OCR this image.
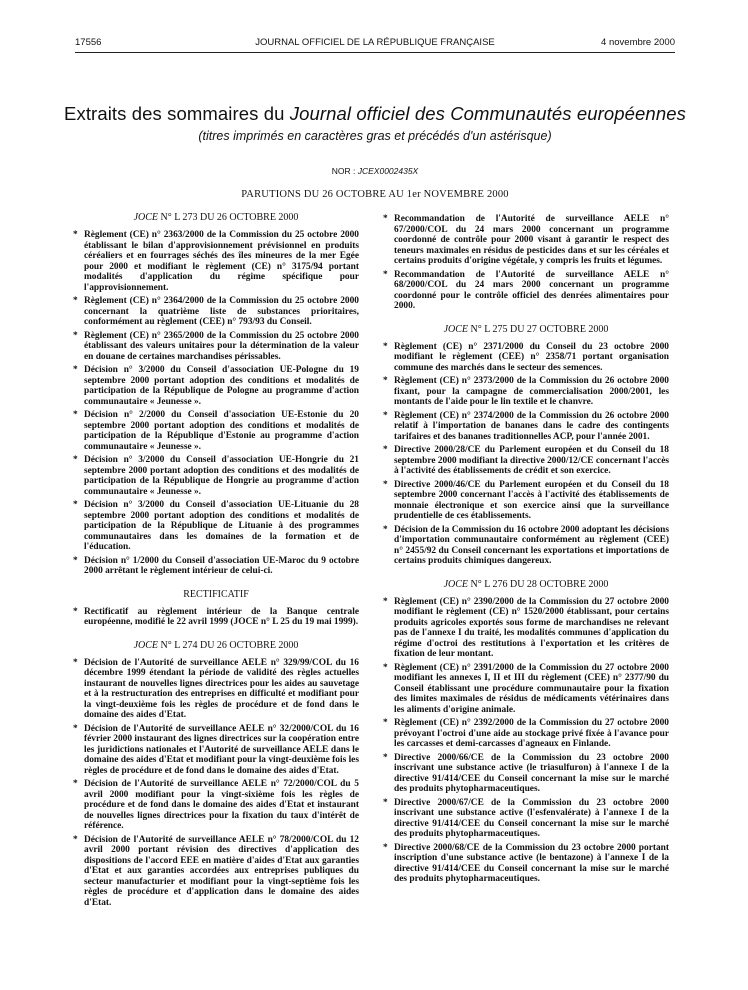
17556	JOURNAL OFFICIEL DE LA RÉPUBLIQUE FRANÇAISE	4 novembre 2000
Extraits des sommaires du Journal officiel des Communautés européennes
(titres imprimés en caractères gras et précédés d'un astérisque)
NOR : JCEX0002435X
PARUTIONS DU 26 OCTOBRE AU 1er NOVEMBRE 2000
JOCE N° L 273 DU 26 OCTOBRE 2000
* Règlement (CE) n° 2363/2000 de la Commission du 25 octobre 2000 établissant le bilan d'approvisionnement prévisionnel en produits céréaliers et en fourrages séchés des îles mineures de la mer Egée pour 2000 et modifiant le règlement (CE) n° 3175/94 portant modalités d'application du régime spécifique pour l'approvisionnement.
* Règlement (CE) n° 2364/2000 de la Commission du 25 octobre 2000 concernant la quatrième liste de substances prioritaires, conformément au règlement (CEE) n° 793/93 du Conseil.
* Règlement (CE) n° 2365/2000 de la Commission du 25 octobre 2000 établissant des valeurs unitaires pour la détermination de la valeur en douane de certaines marchandises périssables.
* Décision n° 3/2000 du Conseil d'association UE-Pologne du 19 septembre 2000 portant adoption des conditions et modalités de participation de la République de Pologne au programme d'action communautaire « Jeunesse ».
* Décision n° 2/2000 du Conseil d'association UE-Estonie du 20 septembre 2000 portant adoption des conditions et modalités de participation de la République d'Estonie au programme d'action communautaire « Jeunesse ».
* Décision n° 3/2000 du Conseil d'association UE-Hongrie du 21 septembre 2000 portant adoption des conditions et des modalités de participation de la République de Hongrie au programme d'action communautaire « Jeunesse ».
* Décision n° 3/2000 du Conseil d'association UE-Lituanie du 28 septembre 2000 portant adoption des conditions et modalités de participation de la République de Lituanie à des programmes communautaires dans les domaines de la formation et de l'éducation.
* Décision n° 1/2000 du Conseil d'association UE-Maroc du 9 octobre 2000 arrêtant le règlement intérieur de celui-ci.
RECTIFICATIF
* Rectificatif au règlement intérieur de la Banque centrale européenne, modifié le 22 avril 1999 (JOCE n° L 25 du 19 mai 1999).
JOCE N° L 274 DU 26 OCTOBRE 2000
* Décision de l'Autorité de surveillance AELE n° 329/99/COL du 16 décembre 1999 étendant la période de validité des règles actuelles instaurant de nouvelles lignes directrices pour les aides au sauvetage et à la restructuration des entreprises en difficulté et modifiant pour la vingt-deuxième fois les règles de procédure et de fond dans le domaine des aides d'Etat.
* Décision de l'Autorité de surveillance AELE n° 32/2000/COL du 16 février 2000 instaurant des lignes directrices sur la coopération entre les juridictions nationales et l'Autorité de surveillance AELE dans le domaine des aides d'Etat et modifiant pour la vingt-deuxième fois les règles de procédure et de fond dans le domaine des aides d'Etat.
* Décision de l'Autorité de surveillance AELE n° 72/2000/COL du 5 avril 2000 modifiant pour la vingt-sixième fois les règles de procédure et de fond dans le domaine des aides d'Etat et instaurant de nouvelles lignes directrices pour la fixation du taux d'intérêt de référence.
* Décision de l'Autorité de surveillance AELE n° 78/2000/COL du 12 avril 2000 portant révision des directives d'application des dispositions de l'accord EEE en matière d'aides d'Etat aux garanties d'Etat et aux garanties accordées aux entreprises publiques du secteur manufacturier et modifiant pour la vingt-septième fois les règles de procédure et d'application dans le domaine des aides d'Etat.
* Recommandation de l'Autorité de surveillance AELE n° 67/2000/COL du 24 mars 2000 concernant un programme coordonné de contrôle pour 2000 visant à garantir le respect des teneurs maximales en résidus de pesticides dans et sur les céréales et certains produits d'origine végétale, y compris les fruits et légumes.
* Recommandation de l'Autorité de surveillance AELE n° 68/2000/COL du 24 mars 2000 concernant un programme coordonné pour le contrôle officiel des denrées alimentaires pour 2000.
JOCE N° L 275 DU 27 OCTOBRE 2000
* Règlement (CE) n° 2371/2000 du Conseil du 23 octobre 2000 modifiant le règlement (CEE) n° 2358/71 portant organisation commune des marchés dans le secteur des semences.
* Règlement (CE) n° 2373/2000 de la Commission du 26 octobre 2000 fixant, pour la campagne de commercialisation 2000/2001, les montants de l'aide pour le lin textile et le chanvre.
* Règlement (CE) n° 2374/2000 de la Commission du 26 octobre 2000 relatif à l'importation de bananes dans le cadre des contingents tarifaires et des bananes traditionnelles ACP, pour l'année 2001.
* Directive 2000/28/CE du Parlement européen et du Conseil du 18 septembre 2000 modifiant la directive 2000/12/CE concernant l'accès à l'activité des établissements de crédit et son exercice.
* Directive 2000/46/CE du Parlement européen et du Conseil du 18 septembre 2000 concernant l'accès à l'activité des établissements de monnaie électronique et son exercice ainsi que la surveillance prudentielle de ces établissements.
* Décision de la Commission du 16 octobre 2000 adoptant les décisions d'importation communautaire conformément au règlement (CEE) n° 2455/92 du Conseil concernant les exportations et importations de certains produits chimiques dangereux.
JOCE N° L 276 DU 28 OCTOBRE 2000
* Règlement (CE) n° 2390/2000 de la Commission du 27 octobre 2000 modifiant le règlement (CE) n° 1520/2000 établissant, pour certains produits agricoles exportés sous forme de marchandises ne relevant pas de l'annexe I du traité, les modalités communes d'application du régime d'octroi des restitutions à l'exportation et les critères de fixation de leur montant.
* Règlement (CE) n° 2391/2000 de la Commission du 27 octobre 2000 modifiant les annexes I, II et III du règlement (CEE) n° 2377/90 du Conseil établissant une procédure communautaire pour la fixation des limites maximales de résidus de médicaments vétérinaires dans les aliments d'origine animale.
* Règlement (CE) n° 2392/2000 de la Commission du 27 octobre 2000 prévoyant l'octroi d'une aide au stockage privé fixée à l'avance pour les carcasses et demi-carcasses d'agneaux en Finlande.
* Directive 2000/66/CE de la Commission du 23 octobre 2000 inscrivant une substance active (le triasulfuron) à l'annexe I de la directive 91/414/CEE du Conseil concernant la mise sur le marché des produits phytopharmaceutiques.
* Directive 2000/67/CE de la Commission du 23 octobre 2000 inscrivant une substance active (l'esfenvalérate) à l'annexe I de la directive 91/414/CEE du Conseil concernant la mise sur le marché des produits phytopharmaceutiques.
* Directive 2000/68/CE de la Commission du 23 octobre 2000 portant inscription d'une substance active (le bentazone) à l'annexe I de la directive 91/414/CEE du Conseil concernant la mise sur le marché des produits phytopharmaceutiques.
